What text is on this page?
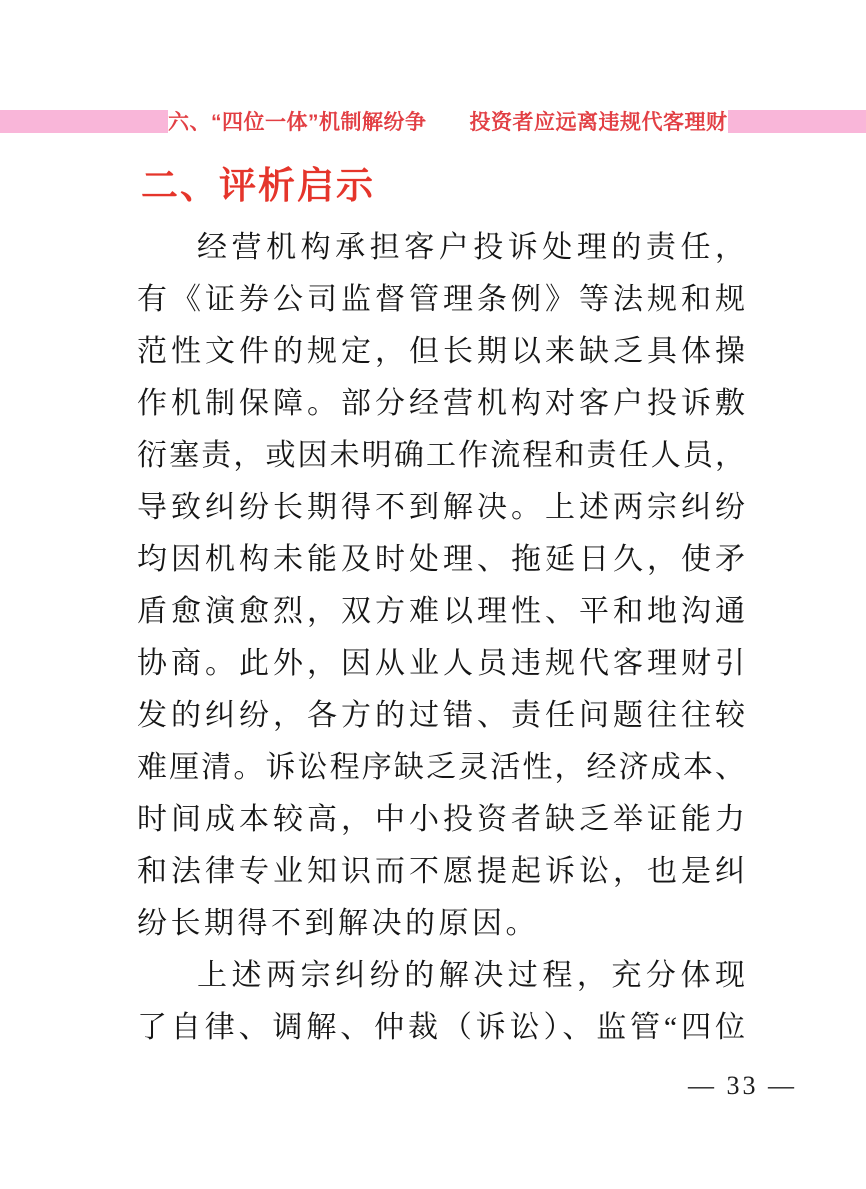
六、“四位一体”机制解纷争　　投资者应远离违规代客理财
二、评析启示
经营机构承担客户投诉处理的责任，
有《证券公司监督管理条例》等法规和规
范性文件的规定，但长期以来缺乏具体操
作机制保障。部分经营机构对客户投诉敷
衍塞责，或因未明确工作流程和责任人员，
导致纠纷长期得不到解决。上述两宗纠纷
均因机构未能及时处理、拖延日久，使矛
盾愈演愈烈，双方难以理性、平和地沟通
协商。此外，因从业人员违规代客理财引
发的纠纷，各方的过错、责任问题往往较
难厘清。诉讼程序缺乏灵活性，经济成本、
时间成本较高，中小投资者缺乏举证能力
和法律专业知识而不愿提起诉讼，也是纠
纷长期得不到解决的原因。
上述两宗纠纷的解决过程，充分体现
了自律、调解、仲裁（诉讼）、监管“四位
— 33 —
